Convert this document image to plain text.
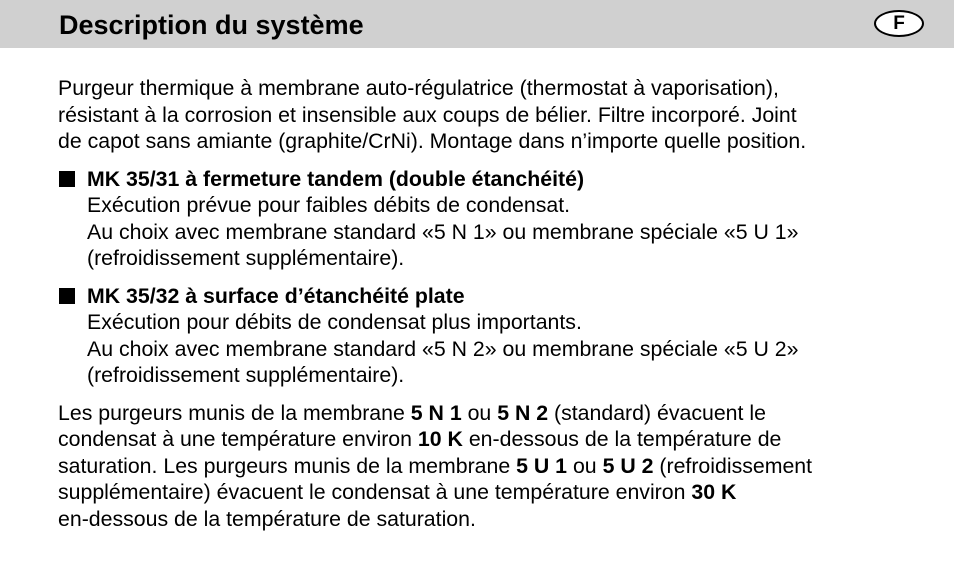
Description du système	F

Purgeur thermique à membrane auto-régulatrice (thermostat à vaporisation),

résistant à la corrosion et insensible aux coups de bélier. Filtre incorporé. Joint

de capot sans amiante (graphite/CrNi). Montage dans n’importe quelle position.

MK 35/31 à fermeture tandem (double étanchéité)

Exécution prévue pour faibles débits de condensat.

Au choix avec membrane standard «5 N 1» ou membrane spéciale «5 U 1»

(refroidissement supplémentaire).

MK 35/32 à surface d’étanchéité plate

Exécution pour débits de condensat plus importants.

Au choix avec membrane standard «5 N 2» ou membrane spéciale «5 U 2»

(refroidissement supplémentaire).

Les purgeurs munis de la membrane 5 N 1 ou 5 N 2 (standard) évacuent le

condensat à une température environ 10 K en-dessous de la température de

saturation. Les purgeurs munis de la membrane 5 U 1 ou 5 U 2 (refroidissement

supplémentaire) évacuent le condensat à une température environ 30 K

en-dessous de la température de saturation.
